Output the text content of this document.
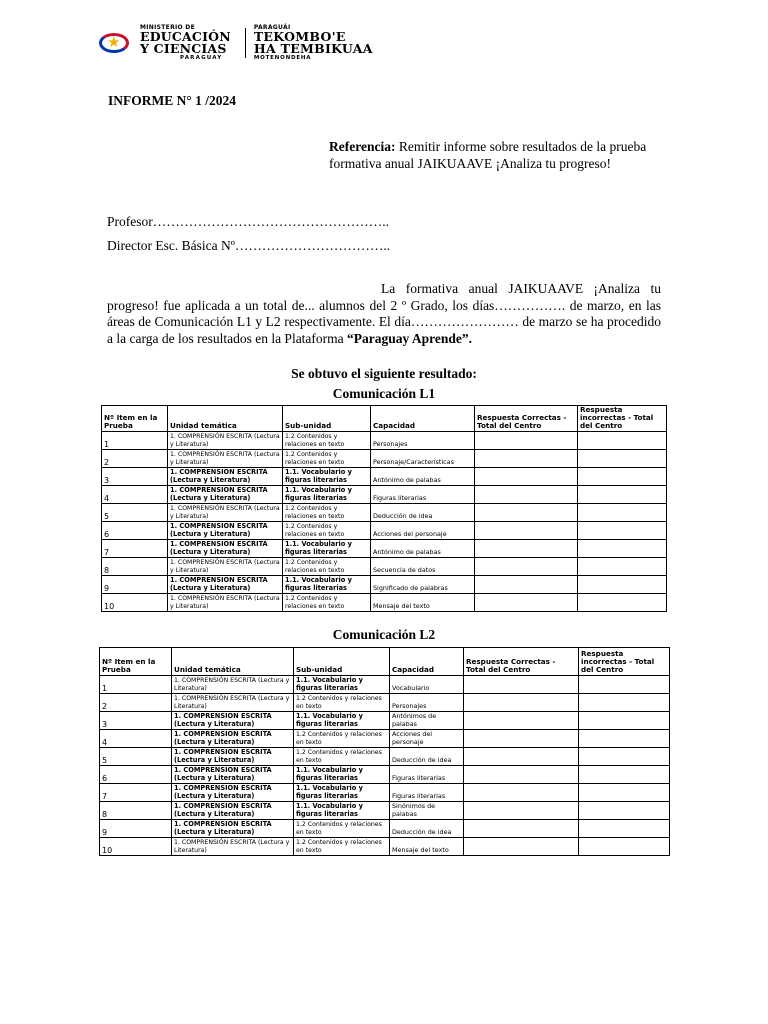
★
MINISTERIO DE
EDUCACIÓN
Y CIENCIAS
PARAGUAY
PARAGUÁI
TEKOMBO'E
HA TEMBIKUAA
MOTENONDEHA
INFORME N° 1 /2024
Referencia: Remitir informe sobre resultados de la prueba formativa anual JAIKUAAVE ¡Analiza tu progreso!
Profesor……………………………………………..
Director Esc. Básica Nº……………………………..
La formativa anual JAIKUAAVE ¡Analiza tu progreso! fue aplicada a un total de... alumnos del 2 º Grado, los días……………. de marzo, en las áreas de Comunicación L1 y L2 respectivamente. El día…………………… de marzo se ha procedido a la carga de los resultados en la Plataforma “Paraguay Aprende”.
Se obtuvo el siguiente resultado:
Comunicación L1
Nº Item en la Prueba	Unidad temática	Sub-unidad	Capacidad	Respuesta Correctas - Total del Centro	Respuesta incorrectas - Total del Centro
1	1. COMPRENSIÓN ESCRITA (Lectura y Literatura)	1.2 Contenidos y relaciones en texto	Personajes		
2	1. COMPRENSIÓN ESCRITA (Lectura y Literatura)	1.2 Contenidos y relaciones en texto	Personaje/Características		
3	1. COMPRENSION ESCRITA (Lectura y Literatura)	1.1. Vocabulario y figuras literarias	Antónimo de palabas		
4	1. COMPRENSION ESCRITA (Lectura y Literatura)	1.1. Vocabulario y figuras literarias	Figuras literarias		
5	1. COMPRENSIÓN ESCRITA (Lectura y Literatura)	1.2 Contenidos y relaciones en texto	Deducción de idea		
6	1. COMPRENSION ESCRITA (Lectura y Literatura)	1.2 Contenidos y relaciones en texto	Acciones del personaje		
7	1. COMPRENSION ESCRITA (Lectura y Literatura)	1.1. Vocabulario y figuras literarias	Antónimo de palabas		
8	1. COMPRENSIÓN ESCRITA (Lectura y Literatura)	1.2 Contenidos y relaciones en texto	Secuencia de datos		
9	1. COMPRENSION ESCRITA (Lectura y Literatura)	1.1. Vocabulario y figuras literarias	Significado de palabras		
10	1. COMPRENSIÓN ESCRITA (Lectura y Literatura)	1.2 Contenidos y relaciones en texto	Mensaje del texto		
Comunicación L2
Nº Item en la Prueba	Unidad temática	Sub-unidad	Capacidad	Respuesta Correctas - Total del Centro	Respuesta incorrectas - Total del Centro
1	1. COMPRENSIÓN ESCRITA (Lectura y Literatura)	1.1. Vocabulario y figuras literarias	Vocabulario		
2	1. COMPRENSIÓN ESCRITA (Lectura y Literatura)	1.2 Contenidos y relaciones en texto	Personajes		
3	1. COMPRENSION ESCRITA (Lectura y Literatura)	1.1. Vocabulario y figuras literarias	Antónimos de palabas		
4	1. COMPRENSION ESCRITA (Lectura y Literatura)	1.2 Contenidos y relaciones en texto	Acciones del personaje		
5	1. COMPRENSION ESCRITA (Lectura y Literatura)	1.2 Contenidos y relaciones en texto	Deducción de idea		
6	1. COMPRENSION ESCRITA (Lectura y Literatura)	1.1. Vocabulario y figuras literarias	Figuras literarias		
7	1. COMPRENSION ESCRITA (Lectura y Literatura)	1.1. Vocabulario y figuras literarias	Figuras literarias		
8	1. COMPRENSION ESCRITA (Lectura y Literatura)	1.1. Vocabulario y figuras literarias	Sinónimos de palabas		
9	1. COMPRENSION ESCRITA (Lectura y Literatura)	1.2 Contenidos y relaciones en texto	Deducción de idea		
10	1. COMPRENSIÓN ESCRITA (Lectura y Literatura)	1.2 Contenidos y relaciones en texto	Mensaje del texto		
